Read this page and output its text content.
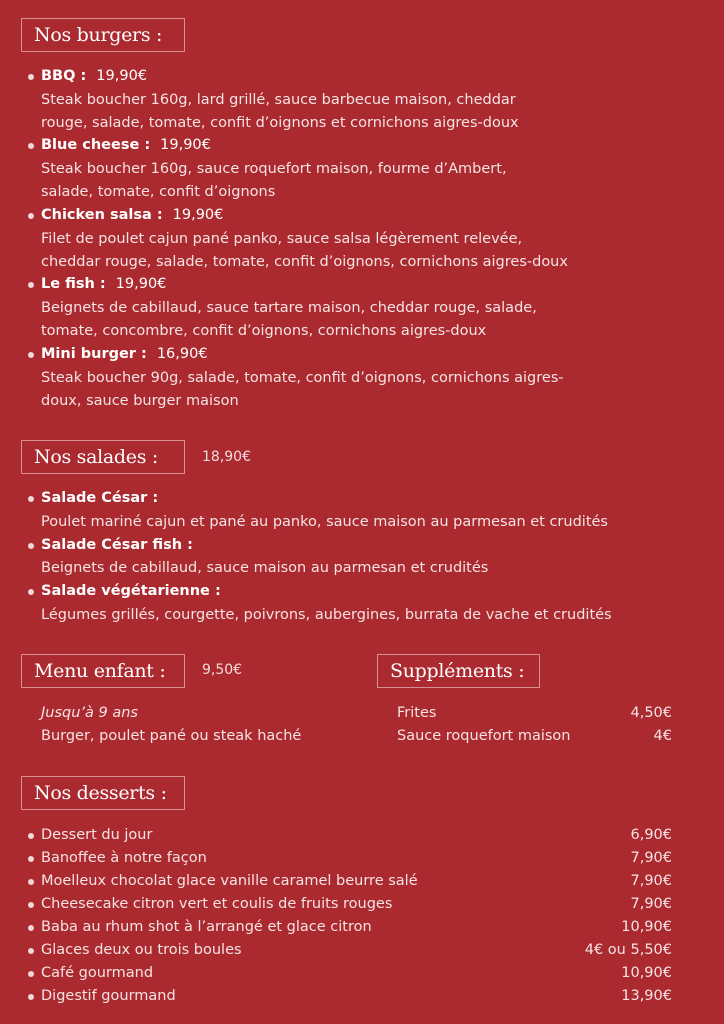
Nos burgers :
BBQ : 19,90€
Steak boucher 160g, lard grillé, sauce barbecue maison, cheddar
rouge, salade, tomate, confit d’oignons et cornichons aigres-doux
Blue cheese : 19,90€
Steak boucher 160g, sauce roquefort maison, fourme d’Ambert,
salade, tomate, confit d’oignons
Chicken salsa : 19,90€
Filet de poulet cajun pané panko, sauce salsa légèrement relevée,
cheddar rouge, salade, tomate, confit d’oignons, cornichons aigres-doux
Le fish : 19,90€
Beignets de cabillaud, sauce tartare maison, cheddar rouge, salade,
tomate, concombre, confit d’oignons, cornichons aigres-doux
Mini burger : 16,90€
Steak boucher 90g, salade, tomate, confit d’oignons, cornichons aigres-
doux, sauce burger maison
Nos salades :	18,90€
Salade César :
Poulet mariné cajun et pané au panko, sauce maison au parmesan et crudités
Salade César fish :
Beignets de cabillaud, sauce maison au parmesan et crudités
Salade végétarienne :
Légumes grillés, courgette, poivrons, aubergines, burrata de vache et crudités
Menu enfant :	9,50€
Jusqu’à 9 ans
Burger, poulet pané ou steak haché
Suppléments :
Frites	4,50€
Sauce roquefort maison	4€
Nos desserts :
Dessert du jour	6,90€
Banoffee à notre façon	7,90€
Moelleux chocolat glace vanille caramel beurre salé	7,90€
Cheesecake citron vert et coulis de fruits rouges	7,90€
Baba au rhum shot à l’arrangé et glace citron	10,90€
Glaces deux ou trois boules	4€ ou 5,50€
Café gourmand	10,90€
Digestif gourmand	13,90€
